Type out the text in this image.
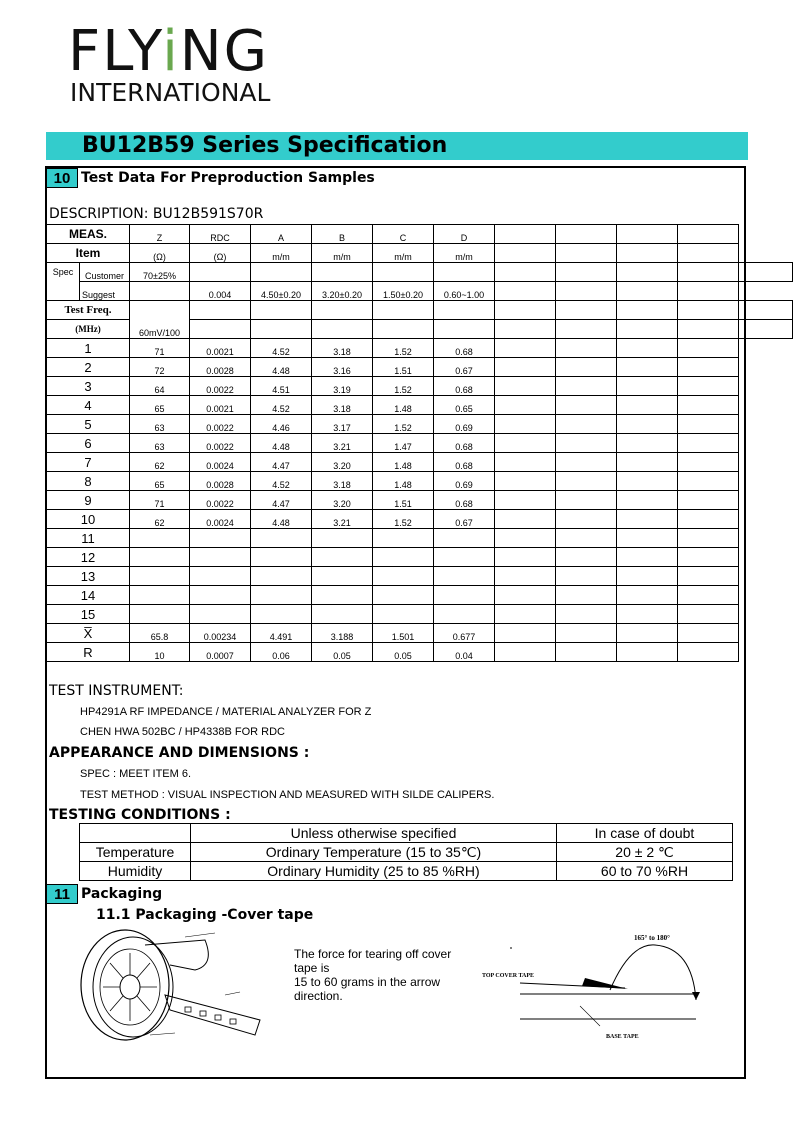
FLYiNG
INTERNATIONAL
BU12B59 Series Specification
10 Test Data For Preproduction Samples
DESCRIPTION: BU12B591S70R
MEAS.		Z	RDC	A	B	C	D					
Item		(Ω)	(Ω)	m/m	m/m	m/m	m/m					
Spec	Customer	70±25%										
	Suggest		0.004	4.50±0.20	3.20±0.20	1.50±0.20	0.60~1.00					
Test Freq.		60mV/100										
(MHz)												
1		71	0.0021	4.52	3.18	1.52	0.68					
2		72	0.0028	4.48	3.16	1.51	0.67					
3		64	0.0022	4.51	3.19	1.52	0.68					
4		65	0.0021	4.52	3.18	1.48	0.65					
5		63	0.0022	4.46	3.17	1.52	0.69					
6		63	0.0022	4.48	3.21	1.47	0.68					
7		62	0.0024	4.47	3.20	1.48	0.68					
8		65	0.0028	4.52	3.18	1.48	0.69					
9		71	0.0022	4.47	3.20	1.51	0.68					
10		62	0.0024	4.48	3.21	1.52	0.67					
11												
12												
13												
14												
15												
X̅		65.8	0.00234	4.491	3.188	1.501	0.677					
R		10	0.0007	0.06	0.05	0.05	0.04					
TEST INSTRUMENT:
HP4291A RF IMPEDANCE / MATERIAL ANALYZER FOR Z
CHEN HWA 502BC / HP4338B FOR RDC
APPEARANCE AND DIMENSIONS :
SPEC : MEET ITEM 6.
TEST METHOD : VISUAL INSPECTION AND MEASURED WITH SILDE CALIPERS.
TESTING CONDITIONS :
	Unless otherwise specified	In case of doubt
Temperature	Ordinary Temperature (15 to 35℃)	20 ± 2 ℃
Humidity	Ordinary Humidity (25 to 85 %RH)	60 to 70 %RH
11 Packaging
11.1 Packaging -Cover tape
The force for tearing off cover
tape is
15 to 60 grams in the arrow
direction.
165° to 180°
TOP COVER TAPE
BASE TAPE
